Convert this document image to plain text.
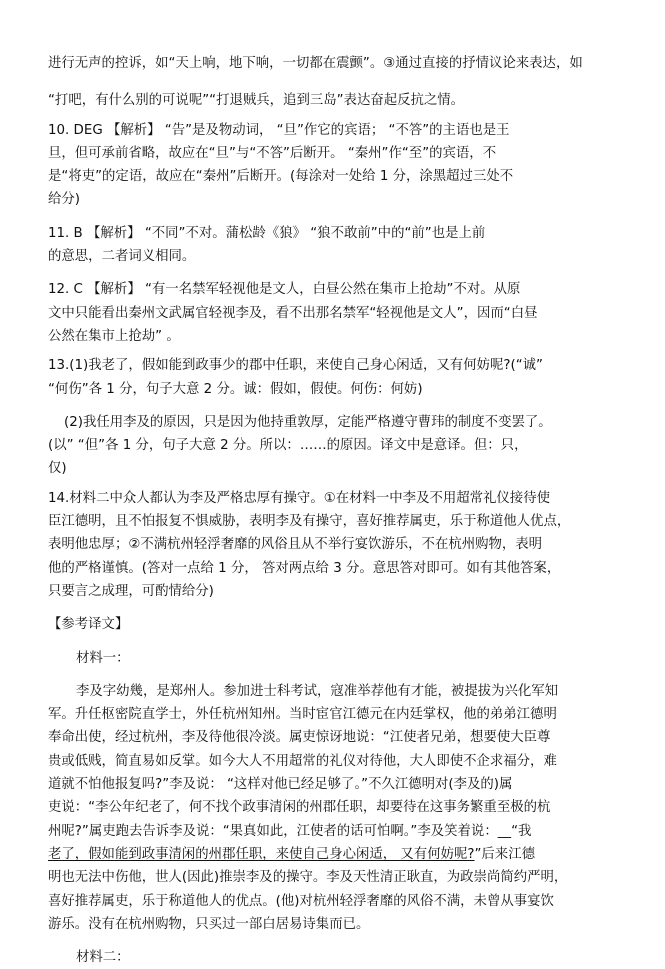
进行无声的控诉，如“天上响，地下响，一切都在震颤”。③通过直接的抒情议论来表达，如
“打吧，有什么别的可说呢”“打退贼兵，追到三岛”表达奋起反抗之情。
10. DEG 【解析】 “告”是及物动词， “旦”作它的宾语； “不答”的主语也是王
旦，但可承前省略，故应在“旦”与“不答”后断开。 “秦州”作“至”的宾语，不
是“将吏”的定语，故应在“秦州”后断开。(每涂对一处给 1 分，涂黑超过三处不
给分)
11. B 【解析】 “不同”不对。蒲松龄《狼》 “狼不敢前”中的“前”也是上前
的意思，二者词义相同。
12. C 【解析】 “有一名禁军轻视他是文人，白昼公然在集市上抢劫”不对。从原
文中只能看出秦州文武属官轻视李及，看不出那名禁军“轻视他是文人”，因而“白昼
公然在集市上抢劫” 。
13.(1)我老了，假如能到政事少的郡中任职，来使自己身心闲适，又有何妨呢?(“诚”
“何伤”各 1 分，句子大意 2 分。诚：假如，假使。何伤：何妨)
(2)我任用李及的原因，只是因为他持重敦厚，定能严格遵守曹玮的制度不变罢了。
(以” “但”各 1 分，句子大意 2 分。所以：……的原因。译文中是意译。但：只，
仅)
14.材料二中众人都认为李及严格忠厚有操守。①在材料一中李及不用超常礼仪接待使
臣江德明，且不怕报复不惧威胁，表明李及有操守，喜好推荐属吏，乐于称道他人优点，
表明他忠厚；②不满杭州轻浮奢靡的风俗且从不举行宴饮游乐，不在杭州购物，表明
他的严格谨慎。(答对一点给 1 分， 答对两点给 3 分。意思答对即可。如有其他答案，
只要言之成理，可酌情给分)
【参考译文】
材料一：
李及字幼幾，是郑州人。参加进士科考试，寇准举荐他有才能，被提拔为兴化军知
军。升任枢密院直学士，外任杭州知州。当时宦官江德元在内廷掌权，他的弟弟江德明
奉命出使，经过杭州，李及待他很冷淡。属吏惊讶地说：“江使者兄弟，想要使大臣尊
贵或低贱，简直易如反掌。如今大人不用超常的礼仪对待他，大人即使不企求福分，难
道就不怕他报复吗?”李及说： “这样对他已经足够了。”不久江德明对(李及的)属
吏说：“李公年纪老了，何不找个政事清闲的州郡任职，却要待在这事务繁重至极的杭
州呢?”属吏跑去告诉李及说：“果真如此，江使者的话可怕啊。”李及笑着说：__“我
老了，假如能到政事清闲的州郡任职，来使自己身心闲适， 又有何妨呢?”后来江德
明也无法中伤他，世人(因此)推崇李及的操守。李及天性清正耿直，为政崇尚简约严明，
喜好推荐属吏，乐于称道他人的优点。(他)对杭州轻浮奢靡的风俗不满，未曾从事宴饮
游乐。没有在杭州购物，只买过一部白居易诗集而已。
材料二：
